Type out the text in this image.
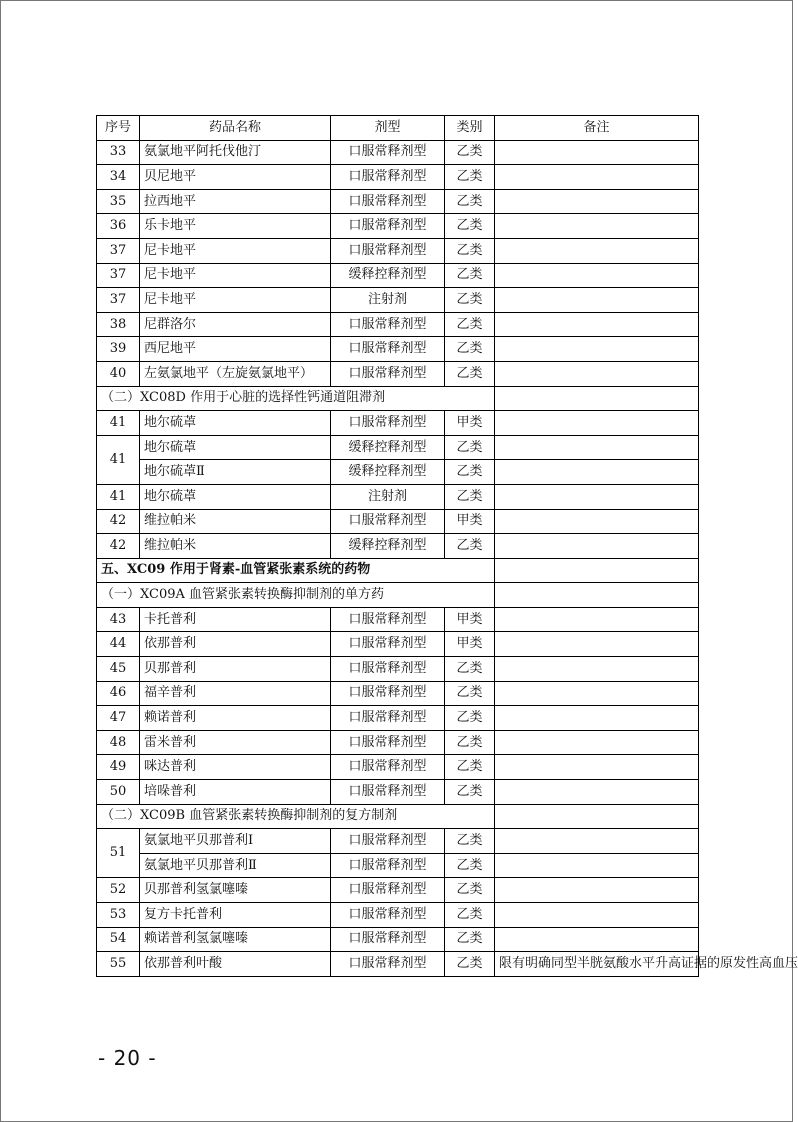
序号	药品名称	剂型	类别	备注
33	氨氯地平阿托伐他汀	口服常释剂型	乙类	
34	贝尼地平	口服常释剂型	乙类	
35	拉西地平	口服常释剂型	乙类	
36	乐卡地平	口服常释剂型	乙类	
37	尼卡地平	口服常释剂型	乙类	
37	尼卡地平	缓释控释剂型	乙类	
37	尼卡地平	注射剂	乙类	
38	尼群洛尔	口服常释剂型	乙类	
39	西尼地平	口服常释剂型	乙类	
40	左氨氯地平（左旋氨氯地平）	口服常释剂型	乙类	
（二）XC08D 作用于心脏的选择性钙通道阻滞剂				
41	地尔硫䓬	口服常释剂型	甲类	
41	地尔硫䓬	缓释控释剂型	乙类	
	地尔硫䓬Ⅱ	缓释控释剂型	乙类	
41	地尔硫䓬	注射剂	乙类	
42	维拉帕米	口服常释剂型	甲类	
42	维拉帕米	缓释控释剂型	乙类	
五、XC09 作用于肾素-血管紧张素系统的药物				
（一）XC09A 血管紧张素转换酶抑制剂的单方药				
43	卡托普利	口服常释剂型	甲类	
44	依那普利	口服常释剂型	甲类	
45	贝那普利	口服常释剂型	乙类	
46	福辛普利	口服常释剂型	乙类	
47	赖诺普利	口服常释剂型	乙类	
48	雷米普利	口服常释剂型	乙类	
49	咪达普利	口服常释剂型	乙类	
50	培哚普利	口服常释剂型	乙类	
（二）XC09B 血管紧张素转换酶抑制剂的复方制剂				
51	氨氯地平贝那普利Ⅰ	口服常释剂型	乙类	
	氨氯地平贝那普利Ⅱ	口服常释剂型	乙类	
52	贝那普利氢氯噻嗪	口服常释剂型	乙类	
53	复方卡托普利	口服常释剂型	乙类	
54	赖诺普利氢氯噻嗪	口服常释剂型	乙类	
55	依那普利叶酸	口服常释剂型	乙类	限有明确同型半胱氨酸水平升高证据的原发性高血压
- 20 -
